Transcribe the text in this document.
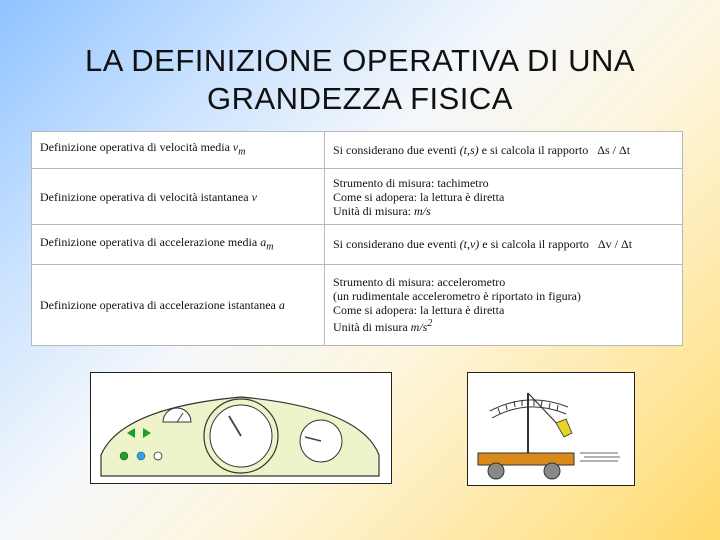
LA DEFINIZIONE OPERATIVA DI UNA
GRANDEZZA FISICA
Definizione operativa di velocità media $v_m$	Si considerano due eventi (t,s) e si calcola il rapporto Δs / Δt
Definizione operativa di velocità istantanea v	Strumento di misura: tachimetro
Come si adopera: la lettura è diretta
Unità di misura: m/s

Definizione operativa di accelerazione media $a_m$	Si considerano due eventi (t,v) e si calcola il rapporto Δv / Δt
Definizione operativa di accelerazione istantanea a	Strumento di misura: accelerometro
(un rudimentale accelerometro è riportato in figura)
Come si adopera: la lettura è diretta
Unità di misura $m/s^2$
